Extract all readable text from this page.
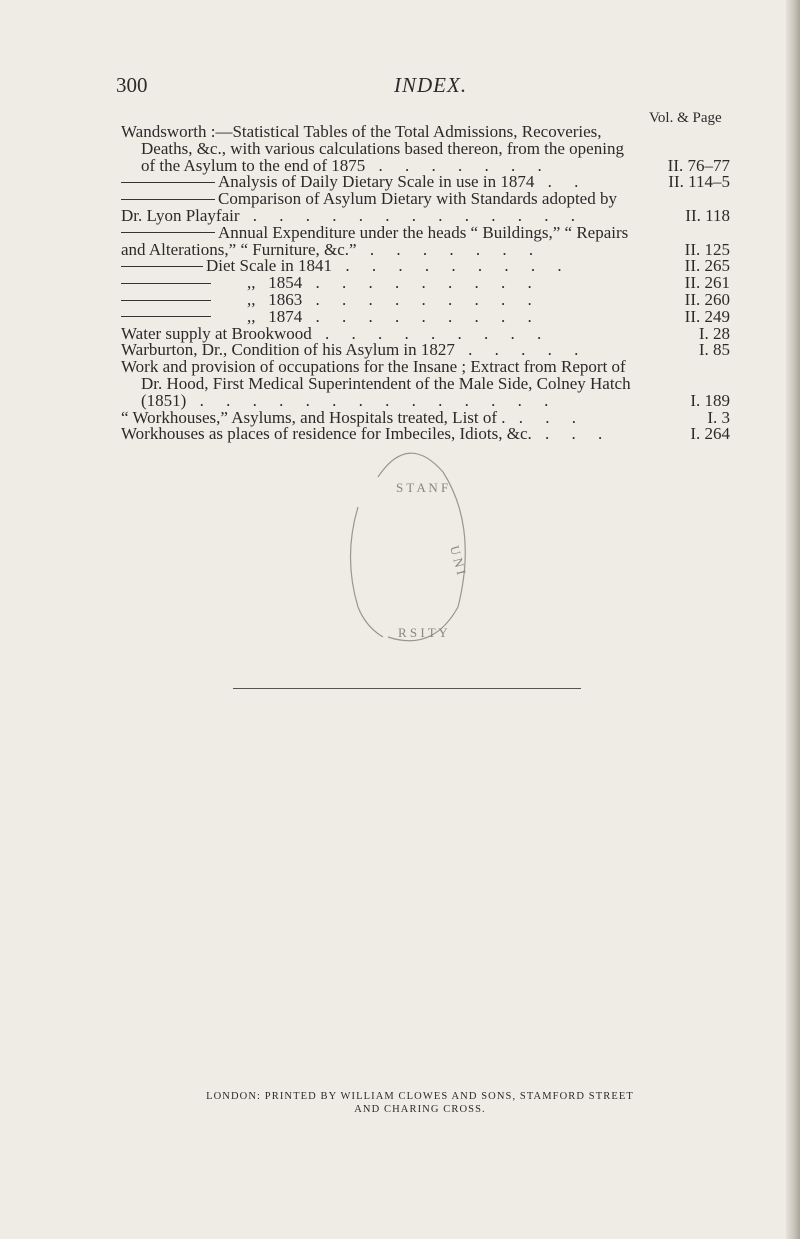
300	INDEX.
Vol. & Page
Wandsworth :—Statistical Tables of the Total Admissions, Recoveries,
Deaths, &c., with various calculations based thereon, from the opening
of the Asylum to the end of 1875 . . . . . . .	II. 76–77
Analysis of Daily Dietary Scale in use in 1874 . .	II. 114–5
Comparison of Asylum Dietary with Standards adopted by
Dr. Lyon Playfair . . . . . . . . . . . . .	II. 118
Annual Expenditure under the heads “ Buildings,” “ Repairs
and Alterations,” “ Furniture, &c.” . . . . . . .	II. 125
Diet Scale in 1841 . . . . . . . . .	II. 265
,,   1854 . . . . . . . . .	II. 261
,,   1863 . . . . . . . . .	II. 260
,,   1874 . . . . . . . . .	II. 249
Water supply at Brookwood . . . . . . . . .	I. 28
Warburton, Dr., Condition of his Asylum in 1827 . . . . .	I. 85
Work and provision of occupations for the Insane ; Extract from Report of
Dr. Hood, First Medical Superintendent of the Male Side, Colney Hatch
(1851) . . . . . . . . . . . . . .	I. 189
“ Workhouses,” Asylums, and Hospitals treated, List of . . . .	I. 3
Workhouses as places of residence for Imbeciles, Idiots, &c. . . .	I. 264
S T A N F
U N I
R S I T Y
LONDON: PRINTED BY WILLIAM CLOWES AND SONS, STAMFORD STREET
AND CHARING CROSS.
